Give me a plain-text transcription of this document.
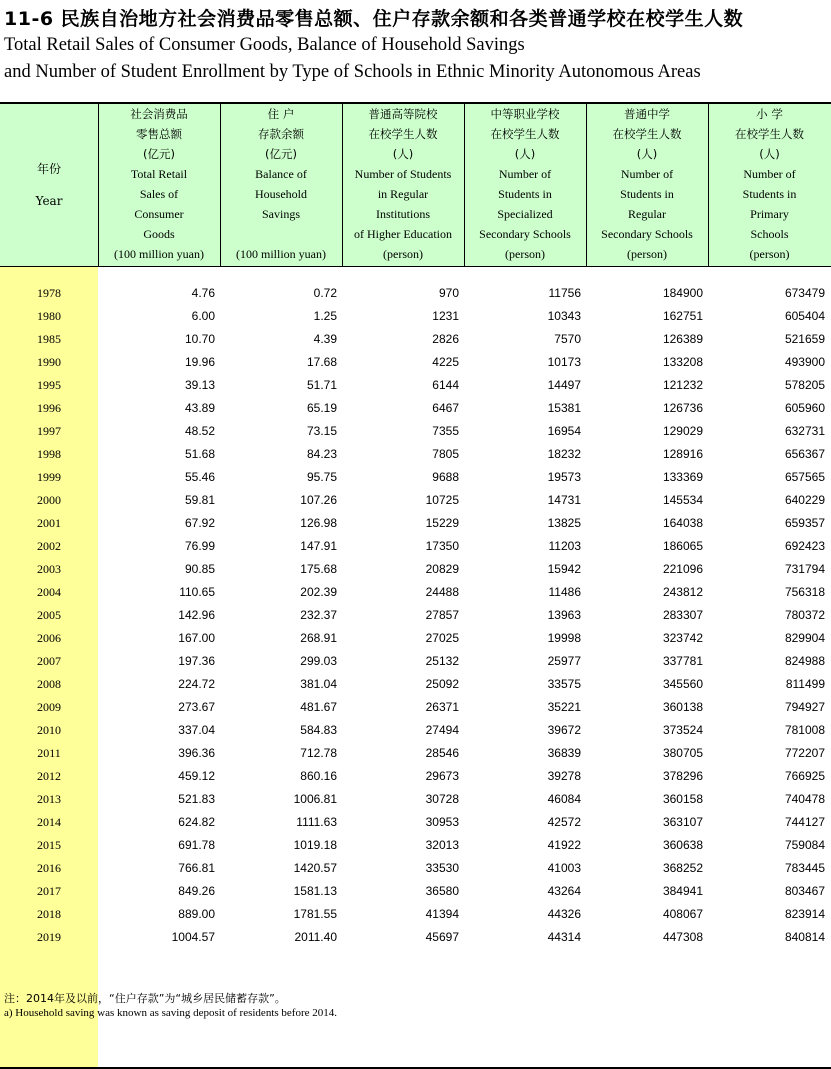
11-6 民族自治地方社会消费品零售总额、住户存款余额和各类普通学校在校学生人数
Total Retail Sales of Consumer Goods, Balance of Household Savings
and Number of Student Enrollment by Type of Schools in Ethnic Minority Autonomous Areas
年份
Year
社会消费品
零售总额
(亿元)
Total Retail
Sales of
Consumer
Goods
(100 million yuan)
住 户
存款余额
(亿元)
Balance of
Household
Savings

(100 million yuan)
普通高等院校
在校学生人数
(人)
Number of Students
in Regular
Institutions
of Higher Education
(person)
中等职业学校
在校学生人数
(人)
Number of
Students in
Specialized
Secondary Schools
(person)
普通中学
在校学生人数
(人)
Number of
Students in
Regular
Secondary Schools
(person)
小 学
在校学生人数
(人)
Number of
Students in
Primary
Schools
(person)
1978	4.76	0.72	970	11756	184900	673479
1980	6.00	1.25	1231	10343	162751	605404
1985	10.70	4.39	2826	7570	126389	521659
1990	19.96	17.68	4225	10173	133208	493900
1995	39.13	51.71	6144	14497	121232	578205
1996	43.89	65.19	6467	15381	126736	605960
1997	48.52	73.15	7355	16954	129029	632731
1998	51.68	84.23	7805	18232	128916	656367
1999	55.46	95.75	9688	19573	133369	657565
2000	59.81	107.26	10725	14731	145534	640229
2001	67.92	126.98	15229	13825	164038	659357
2002	76.99	147.91	17350	11203	186065	692423
2003	90.85	175.68	20829	15942	221096	731794
2004	110.65	202.39	24488	11486	243812	756318
2005	142.96	232.37	27857	13963	283307	780372
2006	167.00	268.91	27025	19998	323742	829904
2007	197.36	299.03	25132	25977	337781	824988
2008	224.72	381.04	25092	33575	345560	811499
2009	273.67	481.67	26371	35221	360138	794927
2010	337.04	584.83	27494	39672	373524	781008
2011	396.36	712.78	28546	36839	380705	772207
2012	459.12	860.16	29673	39278	378296	766925
2013	521.83	1006.81	30728	46084	360158	740478
2014	624.82	1111.63	30953	42572	363107	744127
2015	691.78	1019.18	32013	41922	360638	759084
2016	766.81	1420.57	33530	41003	368252	783445
2017	849.26	1581.13	36580	43264	384941	803467
2018	889.00	1781.55	41394	44326	408067	823914
2019	1004.57	2011.40	45697	44314	447308	840814
注：2014年及以前，“住户存款”为“城乡居民储蓄存款”。
a) Household saving was known as saving deposit of residents before 2014.
